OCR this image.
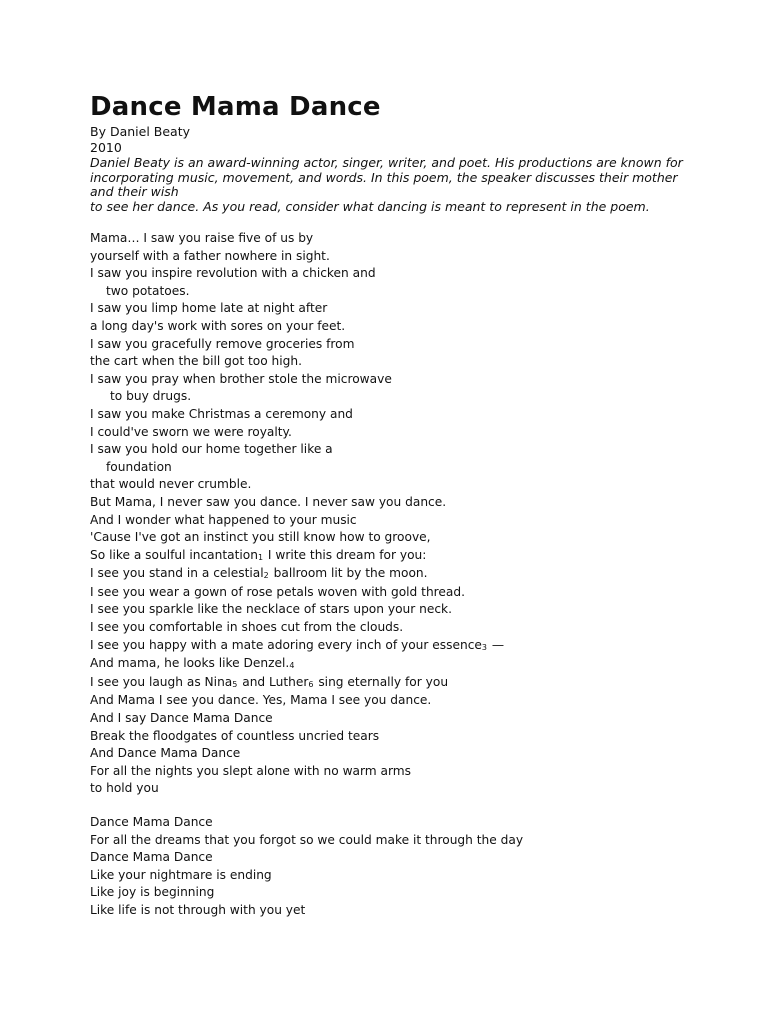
Dance Mama Dance
By Daniel Beaty
2010
Daniel Beaty is an award-winning actor, singer, writer, and poet. His productions are known for
incorporating music, movement, and words. In this poem, the speaker discusses their mother
and their wish
to see her dance. As you read, consider what dancing is meant to represent in the poem.
Mama… I saw you raise five of us by
yourself with a father nowhere in sight.
I saw you inspire revolution with a chicken and
two potatoes.
I saw you limp home late at night after
a long day's work with sores on your feet.
I saw you gracefully remove groceries from
the cart when the bill got too high.
I saw you pray when brother stole the microwave
to buy drugs.
I saw you make Christmas a ceremony and
I could've sworn we were royalty.
I saw you hold our home together like a
foundation
that would never crumble.
But Mama, I never saw you dance. I never saw you dance.
And I wonder what happened to your music
'Cause I've got an instinct you still know how to groove,
So like a soulful incantation$_1$ I write this dream for you:
I see you stand in a celestial$_2$ ballroom lit by the moon.
I see you wear a gown of rose petals woven with gold thread.
I see you sparkle like the necklace of stars upon your neck.
I see you comfortable in shoes cut from the clouds.
I see you happy with a mate adoring every inch of your essence$_3$ —
And mama, he looks like $Denzel._4$
I see you laugh as Nina$_5$ and Luther$_6$ sing eternally for you
And Mama I see you dance. Yes, Mama I see you dance.
And I say Dance Mama Dance
Break the floodgates of countless uncried tears
And Dance Mama Dance
For all the nights you slept alone with no warm arms
to hold you
Dance Mama Dance
For all the dreams that you forgot so we could make it through the day
Dance Mama Dance
Like your nightmare is ending
Like joy is beginning
Like life is not through with you yet
